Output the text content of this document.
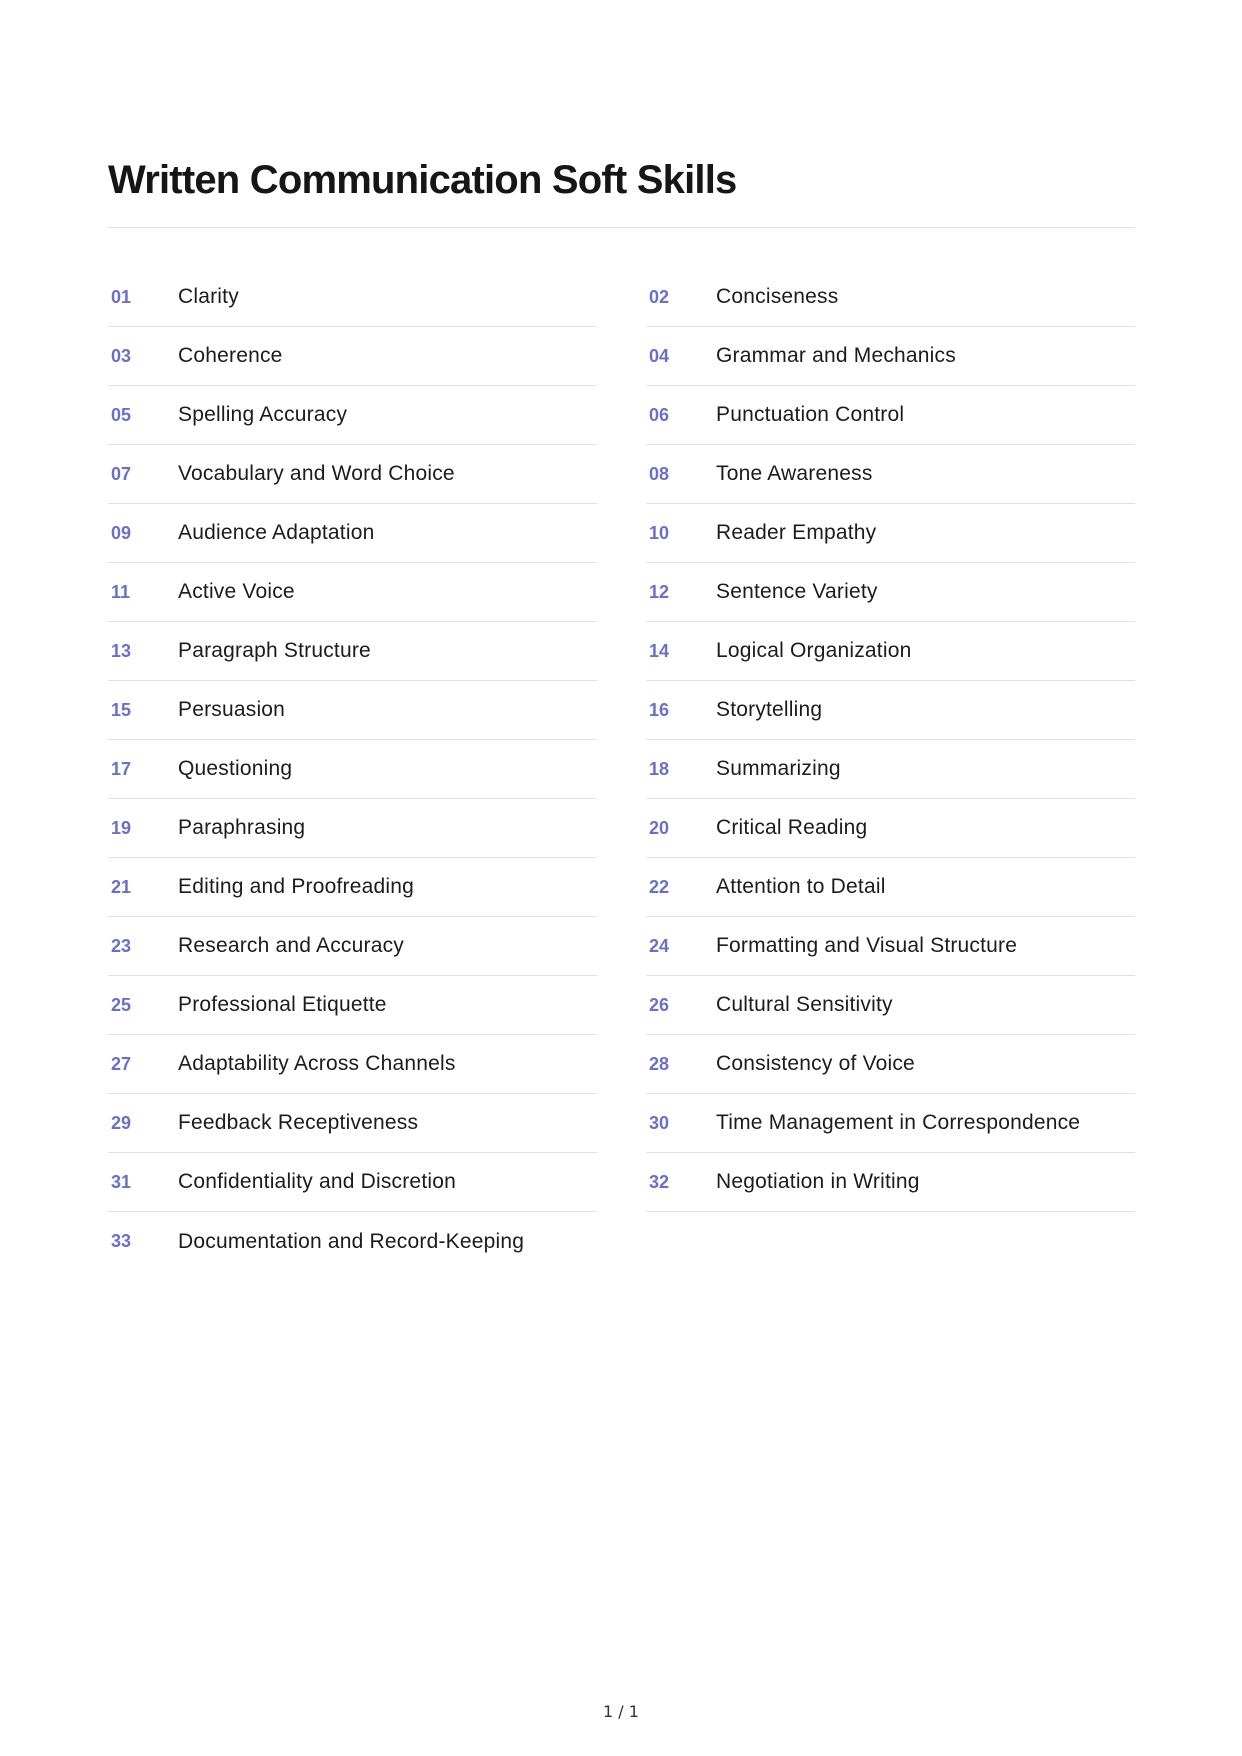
Written Communication Soft Skills
01	Clarity	02	Conciseness
03	Coherence	04	Grammar and Mechanics
05	Spelling Accuracy	06	Punctuation Control
07	Vocabulary and Word Choice	08	Tone Awareness
09	Audience Adaptation	10	Reader Empathy
11	Active Voice	12	Sentence Variety
13	Paragraph Structure	14	Logical Organization
15	Persuasion	16	Storytelling
17	Questioning	18	Summarizing
19	Paraphrasing	20	Critical Reading
21	Editing and Proofreading	22	Attention to Detail
23	Research and Accuracy	24	Formatting and Visual Structure
25	Professional Etiquette	26	Cultural Sensitivity
27	Adaptability Across Channels	28	Consistency of Voice
29	Feedback Receptiveness	30	Time Management in Correspondence
31	Confidentiality and Discretion	32	Negotiation in Writing
33	Documentation and Record-Keeping
1 / 1
